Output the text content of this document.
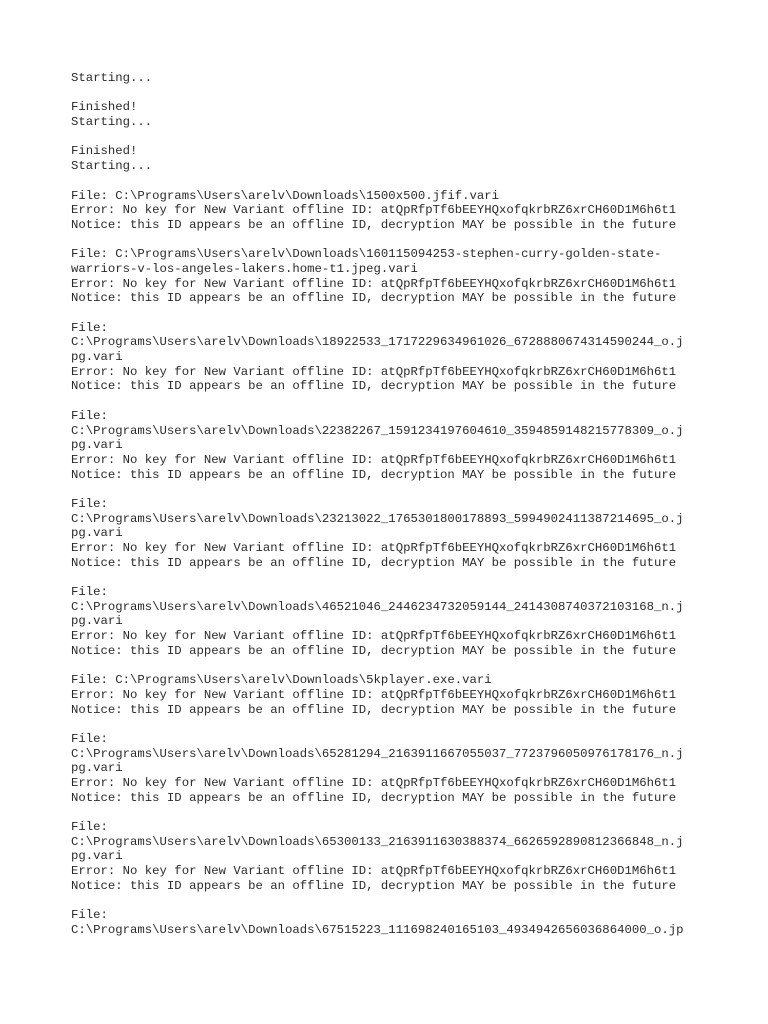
Starting...

Finished!
Starting...

Finished!
Starting...

File: C:\Programs\Users\arelv\Downloads\1500x500.jfif.vari
Error: No key for New Variant offline ID: atQpRfpTf6bEEYHQxofqkrbRZ6xrCH60D1M6h6t1
Notice: this ID appears be an offline ID, decryption MAY be possible in the future

File: C:\Programs\Users\arelv\Downloads\160115094253-stephen-curry-golden-state-
warriors-v-los-angeles-lakers.home-t1.jpeg.vari
Error: No key for New Variant offline ID: atQpRfpTf6bEEYHQxofqkrbRZ6xrCH60D1M6h6t1
Notice: this ID appears be an offline ID, decryption MAY be possible in the future

File:
C:\Programs\Users\arelv\Downloads\18922533_1717229634961026_6728880674314590244_o.j
pg.vari
Error: No key for New Variant offline ID: atQpRfpTf6bEEYHQxofqkrbRZ6xrCH60D1M6h6t1
Notice: this ID appears be an offline ID, decryption MAY be possible in the future

File:
C:\Programs\Users\arelv\Downloads\22382267_1591234197604610_3594859148215778309_o.j
pg.vari
Error: No key for New Variant offline ID: atQpRfpTf6bEEYHQxofqkrbRZ6xrCH60D1M6h6t1
Notice: this ID appears be an offline ID, decryption MAY be possible in the future

File:
C:\Programs\Users\arelv\Downloads\23213022_1765301800178893_5994902411387214695_o.j
pg.vari
Error: No key for New Variant offline ID: atQpRfpTf6bEEYHQxofqkrbRZ6xrCH60D1M6h6t1
Notice: this ID appears be an offline ID, decryption MAY be possible in the future

File:
C:\Programs\Users\arelv\Downloads\46521046_2446234732059144_2414308740372103168_n.j
pg.vari
Error: No key for New Variant offline ID: atQpRfpTf6bEEYHQxofqkrbRZ6xrCH60D1M6h6t1
Notice: this ID appears be an offline ID, decryption MAY be possible in the future

File: C:\Programs\Users\arelv\Downloads\5kplayer.exe.vari
Error: No key for New Variant offline ID: atQpRfpTf6bEEYHQxofqkrbRZ6xrCH60D1M6h6t1
Notice: this ID appears be an offline ID, decryption MAY be possible in the future

File:
C:\Programs\Users\arelv\Downloads\65281294_2163911667055037_7723796050976178176_n.j
pg.vari
Error: No key for New Variant offline ID: atQpRfpTf6bEEYHQxofqkrbRZ6xrCH60D1M6h6t1
Notice: this ID appears be an offline ID, decryption MAY be possible in the future

File:
C:\Programs\Users\arelv\Downloads\65300133_2163911630388374_6626592890812366848_n.j
pg.vari
Error: No key for New Variant offline ID: atQpRfpTf6bEEYHQxofqkrbRZ6xrCH60D1M6h6t1
Notice: this ID appears be an offline ID, decryption MAY be possible in the future

File:
C:\Programs\Users\arelv\Downloads\67515223_111698240165103_4934942656036864000_o.jp
